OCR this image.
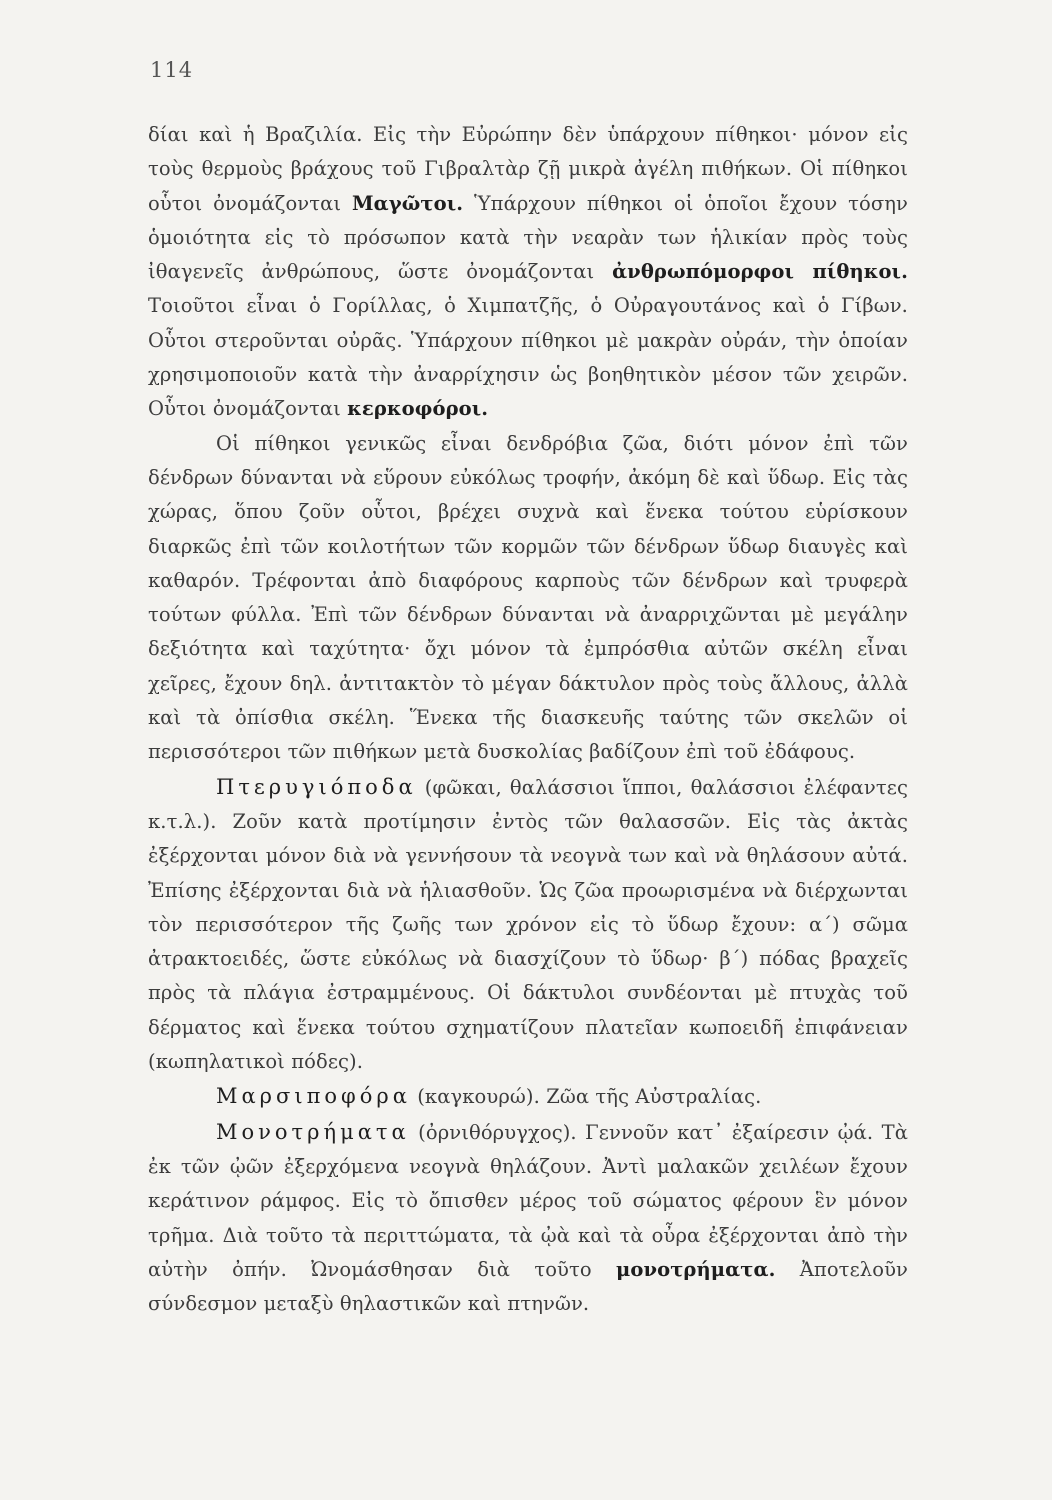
114

δίαι καὶ ἡ Βραζιλία. Εἰς τὴν Εὐρώπην δὲν ὑπάρχουν πίθηκοι· μόνον εἰς τοὺς θερμοὺς βράχους τοῦ Γιβραλτὰρ ζῇ μικρὰ ἀγέλη πιθήκων. Οἱ πίθηκοι οὗτοι ὀνομάζονται Μαγῶτοι. Ὑπάρχουν πίθηκοι οἱ ὁποῖοι ἔχουν τόσην ὁμοιότητα εἰς τὸ πρόσωπον κατὰ τὴν νεαρὰν των ἡλικίαν πρὸς τοὺς ἰθαγενεῖς ἀνθρώπους, ὥστε ὀνομάζονται ἀνθρωπόμορφοι πίθηκοι. Τοιοῦτοι εἶναι ὁ Γορίλλας, ὁ Χιμπατζῆς, ὁ Οὐραγουτάνος καὶ ὁ Γίβων. Οὗτοι στεροῦνται οὐρᾶς. Ὑπάρχουν πίθηκοι μὲ μακρὰν οὐράν, τὴν ὁποίαν χρησιμοποιοῦν κατὰ τὴν ἀναρρίχησιν ὡς βοηθητικὸν μέσον τῶν χειρῶν. Οὗτοι ὀνομάζονται κερκοφόροι.

Οἱ πίθηκοι γενικῶς εἶναι δενδρόβια ζῶα, διότι μόνον ἐπὶ τῶν δένδρων δύνανται νὰ εὕρουν εὐκόλως τροφήν, ἀκόμη δὲ καὶ ὕδωρ. Εἰς τὰς χώρας, ὅπου ζοῦν οὗτοι, βρέχει συχνὰ καὶ ἕνεκα τούτου εὑρίσκουν διαρκῶς ἐπὶ τῶν κοιλοτήτων τῶν κορμῶν τῶν δένδρων ὕδωρ διαυγὲς καὶ καθαρόν. Τρέφονται ἀπὸ διαφόρους καρποὺς τῶν δένδρων καὶ τρυφερὰ τούτων φύλλα. Ἐπὶ τῶν δένδρων δύνανται νὰ ἀναρριχῶνται μὲ μεγάλην δεξιότητα καὶ ταχύτητα· ὄχι μόνον τὰ ἐμπρόσθια αὐτῶν σκέλη εἶναι χεῖρες, ἔχουν δηλ. ἀντιτακτὸν τὸ μέγαν δάκτυλον πρὸς τοὺς ἄλλους, ἀλλὰ καὶ τὰ ὀπίσθια σκέλη. Ἕνεκα τῆς διασκευῆς ταύτης τῶν σκελῶν οἱ περισσότεροι τῶν πιθήκων μετὰ δυσκολίας βαδίζουν ἐπὶ τοῦ ἐδάφους.

Πτερυγιόποδα (φῶκαι, θαλάσσιοι ἵπποι, θαλάσσιοι ἐλέφαντες κ.τ.λ.). Ζοῦν κατὰ προτίμησιν ἐντὸς τῶν θαλασσῶν. Εἰς τὰς ἀκτὰς ἐξέρχονται μόνον διὰ νὰ γεννήσουν τὰ νεογνὰ των καὶ νὰ θηλάσουν αὐτά. Ἐπίσης ἐξέρχονται διὰ νὰ ἡλιασθοῦν. Ὡς ζῶα προωρισμένα νὰ διέρχωνται τὸν περισσότερον τῆς ζωῆς των χρόνον εἰς τὸ ὕδωρ ἔχουν: α΄) σῶμα ἀτρακτοειδές, ὥστε εὐκόλως νὰ διασχίζουν τὸ ὕδωρ· β΄) πόδας βραχεῖς πρὸς τὰ πλάγια ἐστραμμένους. Οἱ δάκτυλοι συνδέονται μὲ πτυχὰς τοῦ δέρματος καὶ ἕνεκα τούτου σχηματίζουν πλατεῖαν κωποειδῆ ἐπιφάνειαν (κωπηλατικοὶ πόδες).

Μαρσιποφόρα (καγκουρώ). Ζῶα τῆς Αὐστραλίας.

Μονοτρήματα (ὀρνιθόρυγχος). Γεννοῦν κατ᾿ ἐξαίρεσιν ᾠά. Τὰ ἐκ τῶν ᾠῶν ἐξερχόμενα νεογνὰ θηλάζουν. Ἀντὶ μαλακῶν χειλέων ἔχουν κεράτινον ράμφος. Εἰς τὸ ὄπισθεν μέρος τοῦ σώματος φέρουν ἓν μόνον τρῆμα. Διὰ τοῦτο τὰ περιττώματα, τὰ ᾠὰ καὶ τὰ οὖρα ἐξέρχονται ἀπὸ τὴν αὐτὴν ὀπήν. Ὠνομάσθησαν διὰ τοῦτο μονοτρήματα. Ἀποτελοῦν σύνδεσμον μεταξὺ θηλαστικῶν καὶ πτηνῶν.
